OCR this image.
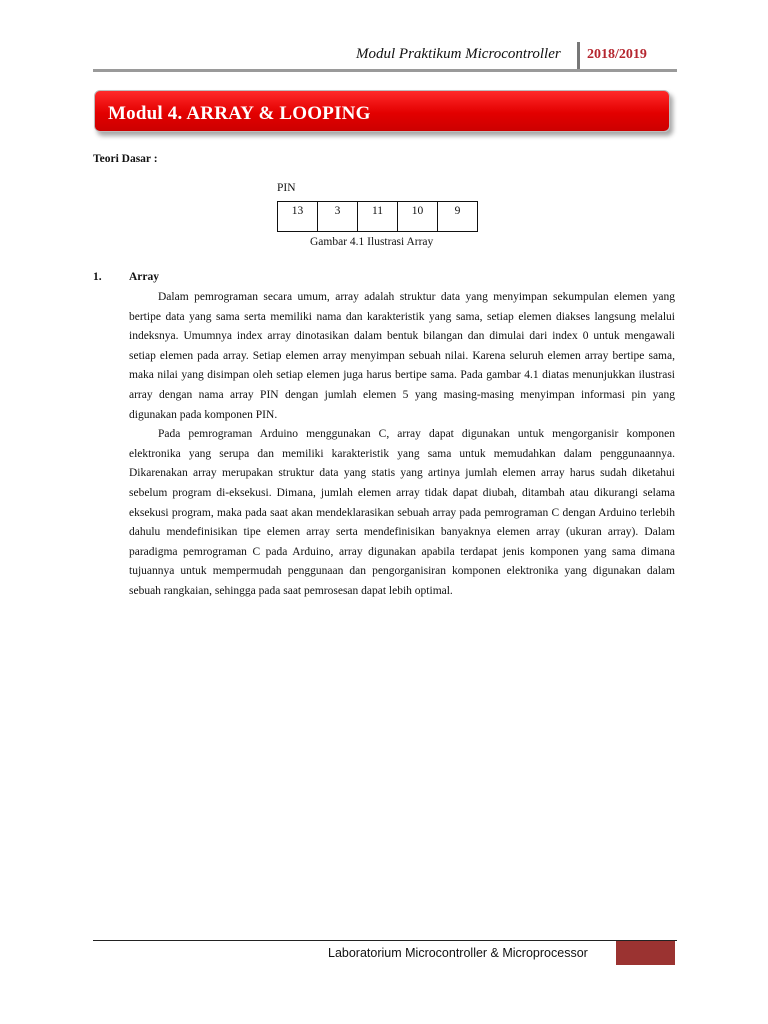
Modul Praktikum Microcontroller 2018/2019
Modul 4. ARRAY & LOOPING
Teori Dasar :
PIN
13	3	11	10	9
Gambar 4.1 Ilustrasi Array
1. Array

Dalam pemrograman secara umum, array adalah struktur data yang menyimpan sekumpulan elemen yang bertipe data yang sama serta memiliki nama dan karakteristik yang sama, setiap elemen diakses langsung melalui indeksnya. Umumnya index array dinotasikan dalam bentuk bilangan dan dimulai dari index 0 untuk mengawali setiap elemen pada array. Setiap elemen array menyimpan sebuah nilai. Karena seluruh elemen array bertipe sama, maka nilai yang disimpan oleh setiap elemen juga harus bertipe sama. Pada gambar 4.1 diatas menunjukkan ilustrasi array dengan nama array PIN dengan jumlah elemen 5 yang masing-masing menyimpan informasi pin yang digunakan pada komponen PIN.

Pada pemrograman Arduino menggunakan C, array dapat digunakan untuk mengorganisir komponen elektronika yang serupa dan memiliki karakteristik yang sama untuk memudahkan dalam penggunaannya. Dikarenakan array merupakan struktur data yang statis yang artinya jumlah elemen array harus sudah diketahui sebelum program di-eksekusi. Dimana, jumlah elemen array tidak dapat diubah, ditambah atau dikurangi selama eksekusi program, maka pada saat akan mendeklarasikan sebuah array pada pemrograman C dengan Arduino terlebih dahulu mendefinisikan tipe elemen array serta mendefinisikan banyaknya elemen array (ukuran array). Dalam paradigma pemrograman C pada Arduino, array digunakan apabila terdapat jenis komponen yang sama dimana tujuannya untuk mempermudah penggunaan dan pengorganisiran komponen elektronika yang digunakan dalam sebuah rangkaian, sehingga pada saat pemrosesan dapat lebih optimal.

Laboratorium Microcontroller & Microprocessor
